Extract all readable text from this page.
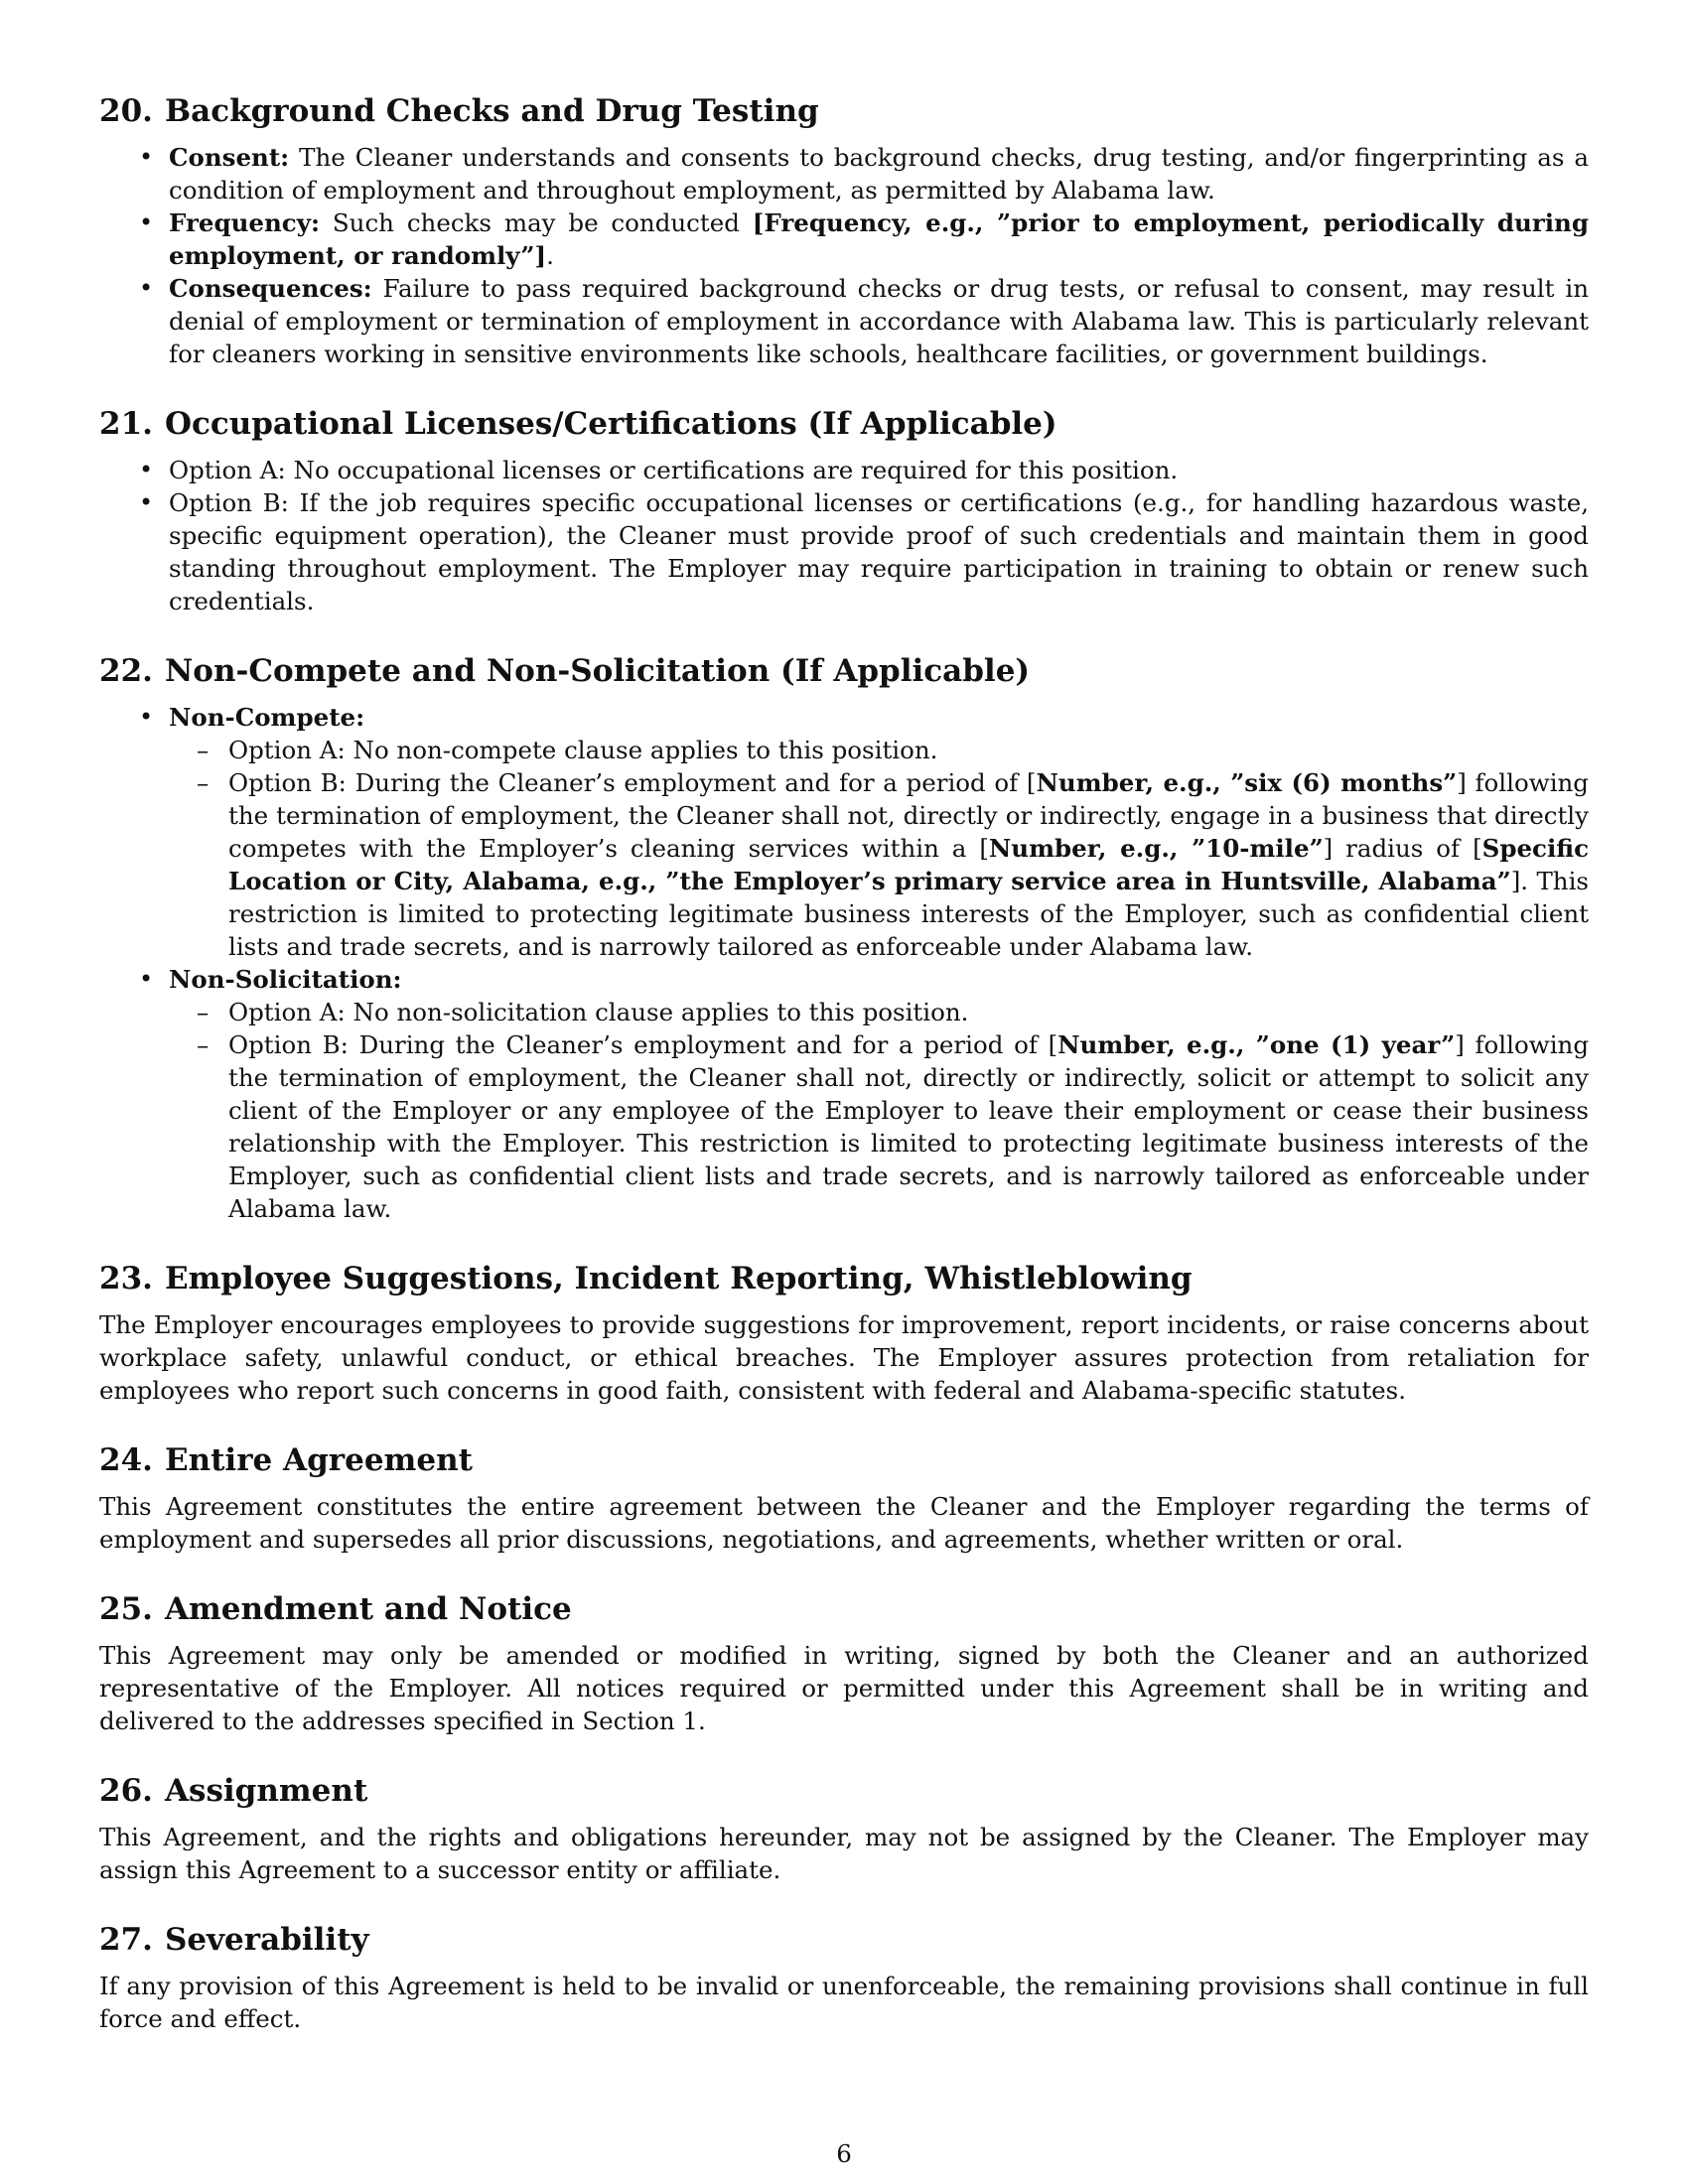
20. Background Checks and Drug Testing
• Consent: The Cleaner understands and consents to background checks, drug testing, and/or fingerprinting as a condition of employment and throughout employment, as permitted by Alabama law.
• Frequency: Such checks may be conducted [Frequency, e.g., ”prior to employment, periodically during employment, or randomly”].
• Consequences: Failure to pass required background checks or drug tests, or refusal to consent, may result in denial of employment or termination of employment in accordance with Alabama law. This is particularly relevant for cleaners working in sensitive environments like schools, healthcare facilities, or government buildings.
21. Occupational Licenses/Certifications (If Applicable)
• Option A: No occupational licenses or certifications are required for this position.
• Option B: If the job requires specific occupational licenses or certifications (e.g., for handling hazardous waste, specific equipment operation), the Cleaner must provide proof of such credentials and maintain them in good standing throughout employment. The Employer may require participation in training to obtain or renew such credentials.
22. Non-Compete and Non-Solicitation (If Applicable)
• Non-Compete:
– Option A: No non-compete clause applies to this position.
– Option B: During the Cleaner’s employment and for a period of [Number, e.g., ”six (6) months”] following the termination of employment, the Cleaner shall not, directly or indirectly, engage in a business that directly competes with the Employer’s cleaning services within a [Number, e.g., ”10-mile”] radius of [Specific Location or City, Alabama, e.g., ”the Employer’s primary service area in Huntsville, Alabama”]. This restriction is limited to protecting legitimate business interests of the Employer, such as confidential client lists and trade secrets, and is narrowly tailored as enforceable under Alabama law.
• Non-Solicitation:
– Option A: No non-solicitation clause applies to this position.
– Option B: During the Cleaner’s employment and for a period of [Number, e.g., ”one (1) year”] following the termination of employment, the Cleaner shall not, directly or indirectly, solicit or attempt to solicit any client of the Employer or any employee of the Employer to leave their employment or cease their business relationship with the Employer. This restriction is limited to protecting legitimate business interests of the Employer, such as confidential client lists and trade secrets, and is narrowly tailored as enforceable under Alabama law.
23. Employee Suggestions, Incident Reporting, Whistleblowing

The Employer encourages employees to provide suggestions for improvement, report incidents, or raise concerns about workplace safety, unlawful conduct, or ethical breaches. The Employer assures protection from retaliation for employees who report such concerns in good faith, consistent with federal and Alabama-specific statutes.

24. Entire Agreement

This Agreement constitutes the entire agreement between the Cleaner and the Employer regarding the terms of employment and supersedes all prior discussions, negotiations, and agreements, whether written or oral.

25. Amendment and Notice

This Agreement may only be amended or modified in writing, signed by both the Cleaner and an authorized representative of the Employer. All notices required or permitted under this Agreement shall be in writing and delivered to the addresses specified in Section 1.

26. Assignment

This Agreement, and the rights and obligations hereunder, may not be assigned by the Cleaner. The Employer may assign this Agreement to a successor entity or affiliate.

27. Severability

If any provision of this Agreement is held to be invalid or unenforceable, the remaining provisions shall continue in full force and effect.

6
